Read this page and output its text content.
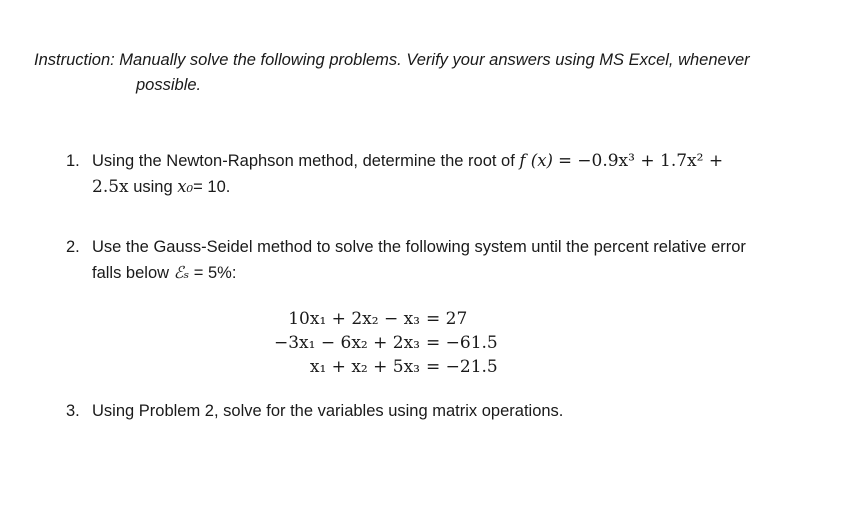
Instruction: Manually solve the following problems. Verify your answers using MS Excel, whenever
possible.
1. Using the Newton-Raphson method, determine the root of f (x) = −0.9x³ + 1.7x² +
2.5x using x₀= 10.
2. Use the Gauss-Seidel method to solve the following system until the percent relative error
falls below ℰₛ = 5%:
10x₁ + 2x₂ − x₃ = 27
−3x₁ − 6x₂ + 2x₃ = −61.5
x₁ + x₂ + 5x₃ = −21.5
3. Using Problem 2, solve for the variables using matrix operations.
